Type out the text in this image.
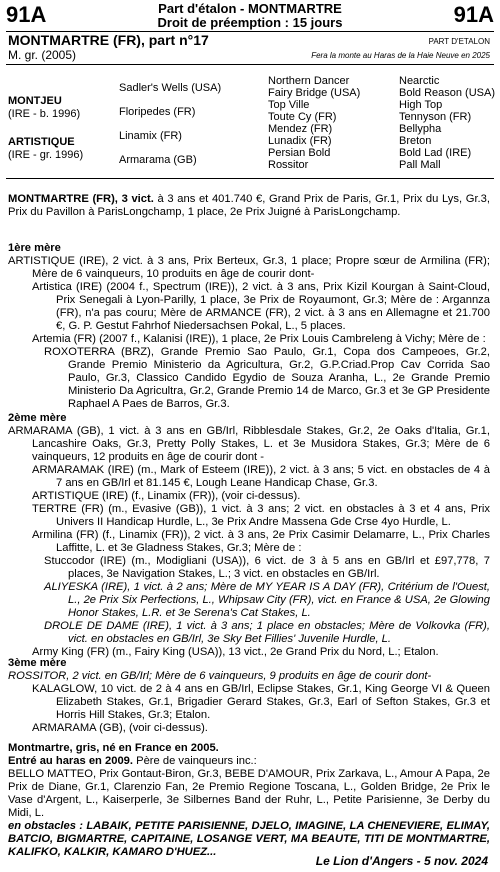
91A	Part d'étalon - MONTMARTRE
Droit de préemption : 15 jours	91A
MONTMARTRE (FR), part n°17
M. gr. (2005)
PART D'ETALON
Fera la monte au Haras de la Haie Neuve en 2025
MONTJEU
(IRE - b. 1996)
ARTISTIQUE
(IRE - gr. 1996)
Sadler's Wells (USA)
Floripedes (FR)
Linamix (FR)
Armarama (GB)
Northern Dancer
Fairy Bridge (USA)
Top Ville
Toute Cy (FR)
Mendez (FR)
Lunadix (FR)
Persian Bold
Rossitor
Nearctic
Bold Reason (USA)
High Top
Tennyson (FR)
Bellypha
Breton
Bold Lad (IRE)
Pall Mall
MONTMARTRE (FR), 3 vict. à 3 ans et 401.740 €, Grand Prix de Paris, Gr.1, Prix du Lys, Gr.3, Prix du Pavillon à ParisLongchamp, 1 place, 2e Prix Juigné à ParisLongchamp.
1ère mère
ARTISTIQUE (IRE), 2 vict. à 3 ans, Prix Berteux, Gr.3, 1 place; Propre sœur de Armilina (FR); Mère de 6 vainqueurs, 10 produits en âge de courir dont-
Artistica (IRE) (2004 f., Spectrum (IRE)), 2 vict. à 3 ans, Prix Kizil Kourgan à Saint-Cloud, Prix Senegali à Lyon-Parilly, 1 place, 3e Prix de Royaumont, Gr.3; Mère de : Argannza (FR), n'a pas couru; Mère de ARMANCE (FR), 2 vict. à 3 ans en Allemagne et 21.700 €, G. P. Gestut Fahrhof Niedersachsen Pokal, L., 5 places.
Artemia (FR) (2007 f., Kalanisi (IRE)), 1 place, 2e Prix Louis Cambreleng à Vichy; Mère de :
ROXOTERRA (BRZ), Grande Premio Sao Paulo, Gr.1, Copa dos Campeoes, Gr.2, Grande Premio Ministerio da Agricultura, Gr.2, G.P.Criad.Prop Cav Corrida Sao Paulo, Gr.3, Classico Candido Egydio de Souza Aranha, L., 2e Grande Premio Ministerio Da Agricultra, Gr.2, Grande Premio 14 de Marco, Gr.3 et 3e GP Presidente Raphael A Paes de Barros, Gr.3.
2ème mère
ARMARAMA (GB), 1 vict. à 3 ans en GB/Irl, Ribblesdale Stakes, Gr.2, 2e Oaks d'Italia, Gr.1, Lancashire Oaks, Gr.3, Pretty Polly Stakes, L. et 3e Musidora Stakes, Gr.3; Mère de 6 vainqueurs, 12 produits en âge de courir dont -
ARMARAMAK (IRE) (m., Mark of Esteem (IRE)), 2 vict. à 3 ans; 5 vict. en obstacles de 4 à 7 ans en GB/Irl et 81.145 €, Lough Leane Handicap Chase, Gr.3.
ARTISTIQUE (IRE) (f., Linamix (FR)), (voir ci-dessus).
TERTRE (FR) (m., Evasive (GB)), 1 vict. à 3 ans; 2 vict. en obstacles à 3 et 4 ans, Prix Univers II Handicap Hurdle, L., 3e Prix Andre Massena Gde Crse 4yo Hurdle, L.
Armilina (FR) (f., Linamix (FR)), 2 vict. à 3 ans, 2e Prix Casimir Delamarre, L., Prix Charles Laffitte, L. et 3e Gladness Stakes, Gr.3; Mère de :
Stuccodor (IRE) (m., Modigliani (USA)), 6 vict. de 3 à 5 ans en GB/Irl et £97,778, 7 places, 3e Navigation Stakes, L.; 3 vict. en obstacles en GB/Irl.
ALIYESKA (IRE), 1 vict. à 2 ans; Mère de MY YEAR IS A DAY (FR), Critérium de l'Ouest, L., 2e Prix Six Perfections, L., Whipsaw City (FR), vict. en France & USA, 2e Glowing Honor Stakes, L.R. et 3e Serena's Cat Stakes, L.
DROLE DE DAME (IRE), 1 vict. à 3 ans; 1 place en obstacles; Mère de Volkovka (FR), vict. en obstacles en GB/Irl, 3e Sky Bet Fillies' Juvenile Hurdle, L.
Army King (FR) (m., Fairy King (USA)), 13 vict., 2e Grand Prix du Nord, L.; Etalon.
3ème mère
ROSSITOR, 2 vict. en GB/Irl; Mère de 6 vainqueurs, 9 produits en âge de courir dont-
KALAGLOW, 10 vict. de 2 à 4 ans en GB/Irl, Eclipse Stakes, Gr.1, King George VI & Queen Elizabeth Stakes, Gr.1, Brigadier Gerard Stakes, Gr.3, Earl of Sefton Stakes, Gr.3 et Horris Hill Stakes, Gr.3; Etalon.
ARMARAMA (GB), (voir ci-dessus).
Montmartre, gris, né en France en 2005.
Entré au haras en 2009. Père de vainqueurs inc.:
BELLO MATTEO, Prix Gontaut-Biron, Gr.3, BEBE D'AMOUR, Prix Zarkava, L., Amour A Papa, 2e Prix de Diane, Gr.1, Clarenzio Fan, 2e Premio Regione Toscana, L., Golden Bridge, 2e Prix le Vase d'Argent, L., Kaiserperle, 3e Silbernes Band der Ruhr, L., Petite Parisienne, 3e Derby du Midi, L.
en obstacles : LABAIK, PETITE PARISIENNE, DJELO, IMAGINE, LA CHENEVIERE, ELIMAY, BATCIO, BIGMARTRE, CAPITAINE, LOSANGE VERT, MA BEAUTE, TITI DE MONTMARTRE, KALIFKO, KALKIR, KAMARO D'HUEZ...
Le Lion d'Angers - 5 nov. 2024
